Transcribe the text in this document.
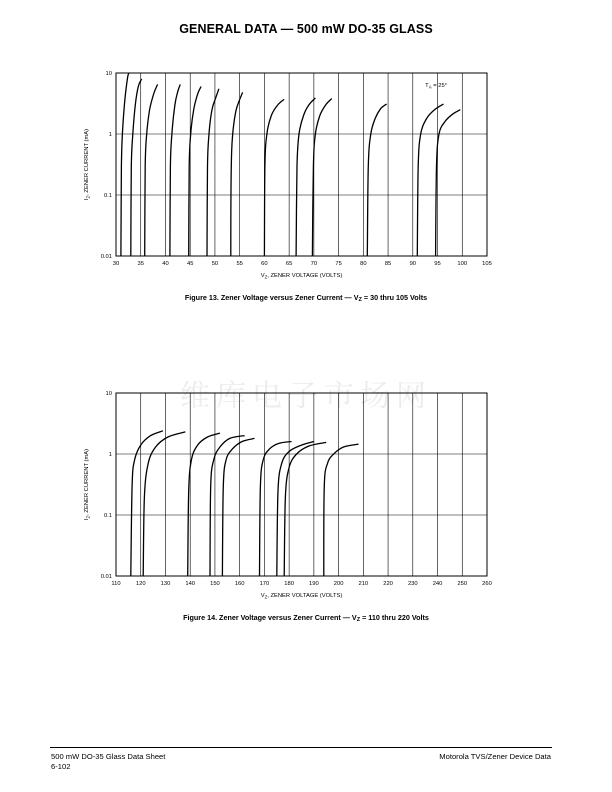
GENERAL DATA — 500 mW DO-35 GLASS
维库电子市场网
30	35	40	45	50	55	60	65	70	75	80	85	90	95	100	105
0.01
0.1
1
10
$V_Z$, ZENER VOLTAGE (VOLTS)
$I_Z$, ZENER CURRENT (mA)
$T_A = 25^\circ$
Figure 13. Zener Voltage versus Zener Current — VZ = 30 thru 105 Volts
110	120	130	140	150	160	170	180	190	200	210	220	230	240	250	260
0.01
0.1
1
10
$V_Z$, ZENER VOLTAGE (VOLTS)
$I_Z$, ZENER CURRENT (mA)
Figure 14. Zener Voltage versus Zener Current — VZ = 110 thru 220 Volts
500 mW DO-35 Glass Data Sheet
6-102
Motorola TVS/Zener Device Data
